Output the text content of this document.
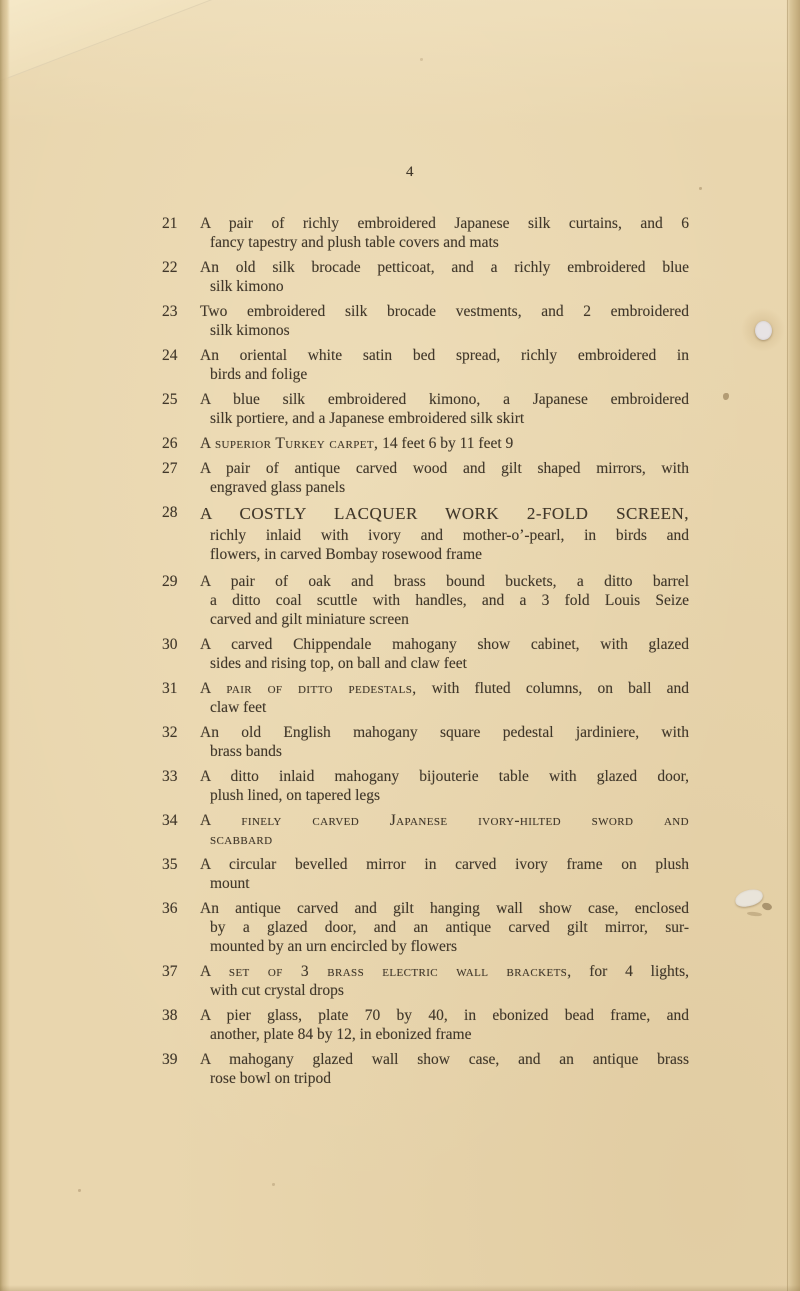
4
21	A pair of richly embroidered Japanese silk curtains, and 6
fancy tapestry and plush table covers and mats
22	An old silk brocade petticoat, and a richly embroidered blue
silk kimono
23	Two embroidered silk brocade vestments, and 2 embroidered
silk kimonos
24	An oriental white satin bed spread, richly embroidered in
birds and folige
25	A blue silk embroidered kimono, a Japanese embroidered
silk portiere, and a Japanese embroidered silk skirt
26	A superior Turkey carpet, 14 feet 6 by 11 feet 9
27	A pair of antique carved wood and gilt shaped mirrors, with
engraved glass panels
28	A COSTLY LACQUER WORK 2-FOLD SCREEN,
richly inlaid with ivory and mother-o’-pearl, in birds and
flowers, in carved Bombay rosewood frame
29	A pair of oak and brass bound buckets, a ditto barrel
a ditto coal scuttle with handles, and a 3 fold Louis Seize
carved and gilt miniature screen
30	A carved Chippendale mahogany show cabinet, with glazed
sides and rising top, on ball and claw feet
31	A pair of ditto pedestals, with fluted columns, on ball and
claw feet
32	An old English mahogany square pedestal jardiniere, with
brass bands
33	A ditto inlaid mahogany bijouterie table with glazed door,
plush lined, on tapered legs
34	A finely carved Japanese ivory-hilted sword and
scabbard
35	A circular bevelled mirror in carved ivory frame on plush
mount
36	An antique carved and gilt hanging wall show case, enclosed
by a glazed door, and an antique carved gilt mirror, sur-
mounted by an urn encircled by flowers
37	A set of 3 brass electric wall brackets, for 4 lights,
with cut crystal drops
38	A pier glass, plate 70 by 40, in ebonized bead frame, and
another, plate 84 by 12, in ebonized frame
39	A mahogany glazed wall show case, and an antique brass
rose bowl on tripod
